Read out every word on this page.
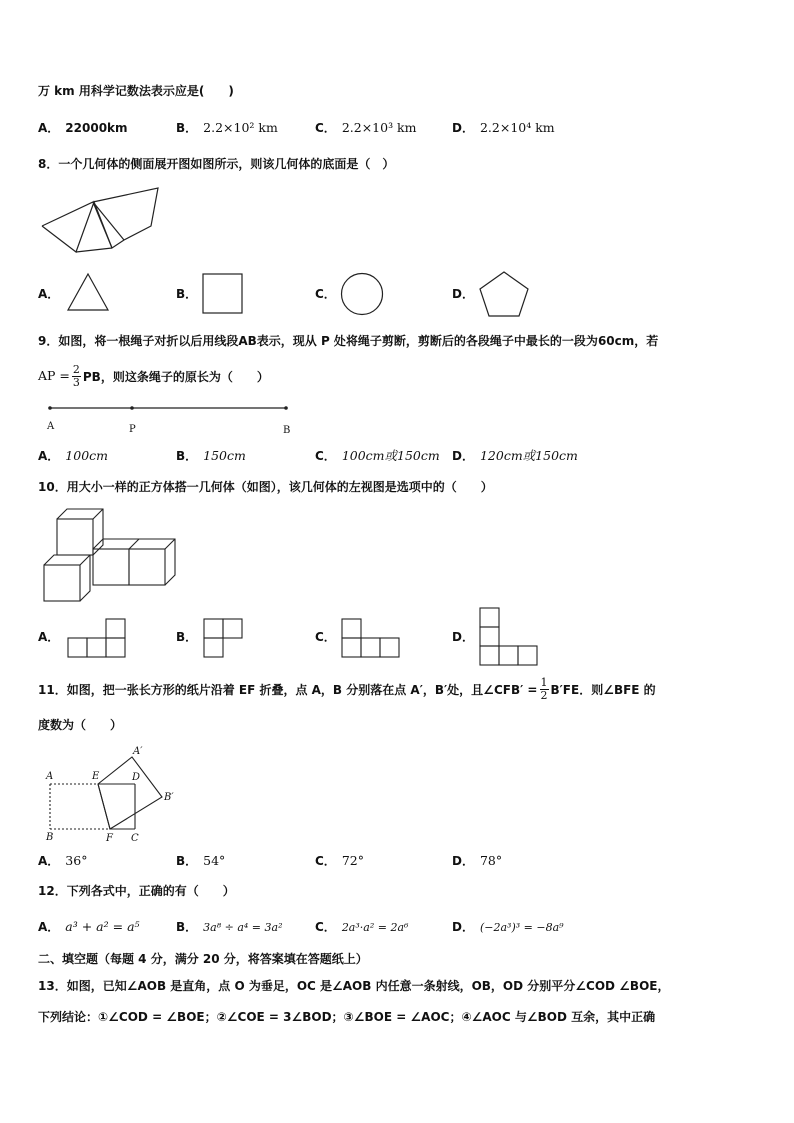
万 km 用科学记数法表示应是(　　)
A． 22000km	B． 2.2×10² km	C． 2.2×10³ km	D． 2.2×10⁴ km
8．一个几何体的侧面展开图如图所示，则该几何体的底面是（　）
A．	B．	C．	D．
9．如图，将一根绳子对折以后用线段AB表示，现从 P 处将绳子剪断，剪断后的各段绳子中最长的一段为60cm，若
AP = $\frac{2}{3}$ PB，则这条绳子的原长为（　　）
A	P	B
A． 100cm	B． 150cm	C． 100cm或150cm D． 120cm或150cm
10．用大小一样的正方体搭一几何体（如图），该几何体的左视图是选项中的（　　）
A．	B．	C．	D．
11．如图，把一张长方形的纸片沿着 EF 折叠，点 A，B 分别落在点 A′，B′处，且∠CFB′ = $\frac{1}{2} B'FE$．则∠BFE 的
度数为（　　）
A	E
A′
D
B′
B	F C
A． 36°	B． 54°	C． 72°	D． 78°
12．下列各式中，正确的有（　　）
A． a³ + a² = a⁵	B． 3a⁸ ÷ a⁴ = 3a²	C． 2a³·a² = 2a⁶	D． (−2a³)³ = −8a⁹
二、填空题（每题 4 分，满分 20 分，将答案填在答题纸上）
13．如图，已知∠AOB 是直角，点 O 为垂足，OC 是∠AOB 内任意一条射线，OB，OD 分别平分∠COD ∠BOE，
下列结论：①∠COD = ∠BOE；②∠COE = 3∠BOD；③∠BOE = ∠AOC；④∠AOC 与∠BOD 互余，其中正确
